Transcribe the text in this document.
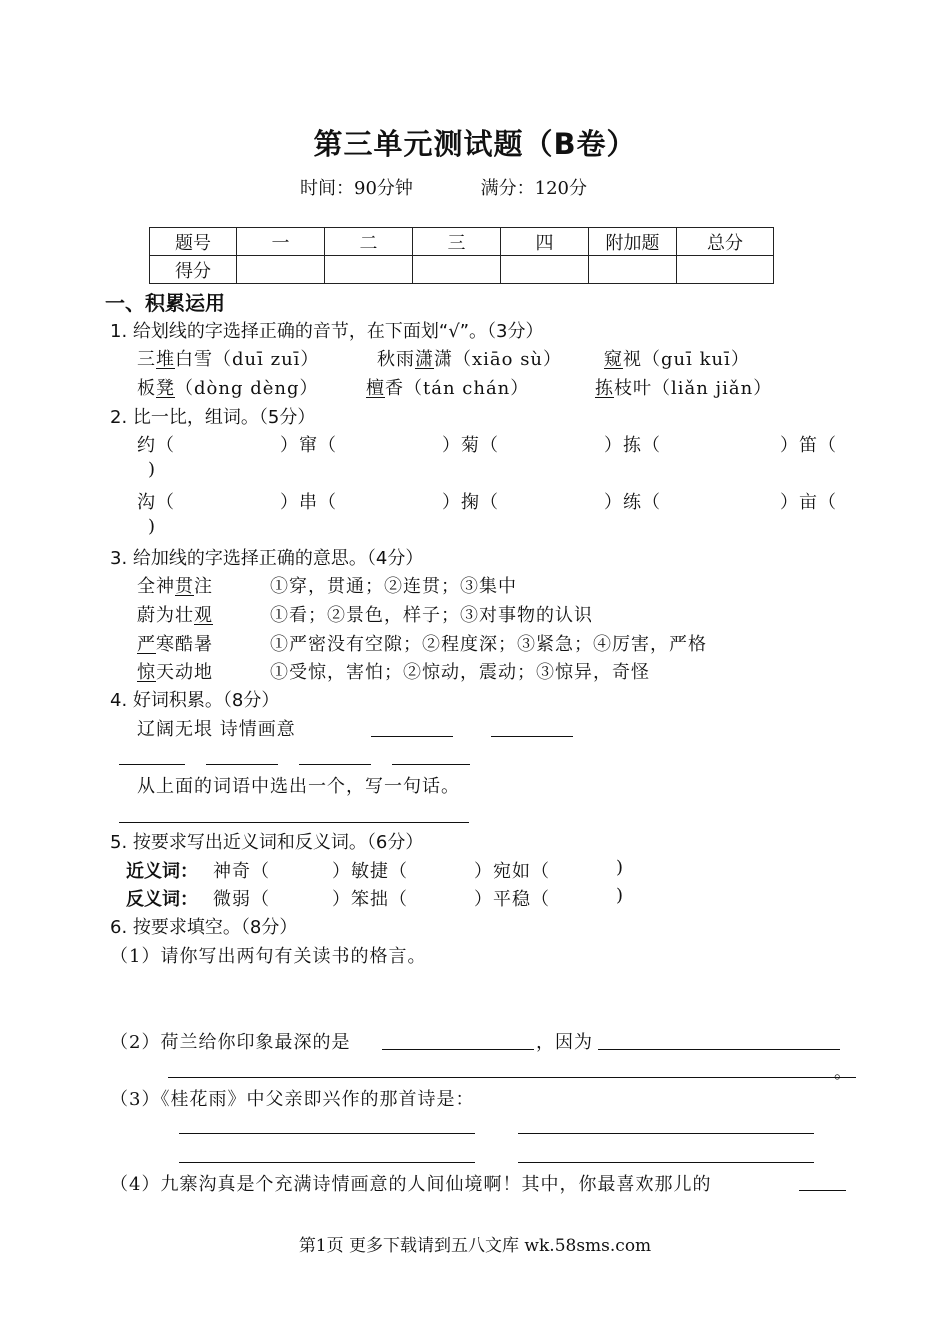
第三单元测试题（B卷）
时间：90分钟	满分：120分
题号	一	二	三	四	附加题	总分
得分						
一、积累运用
1. 给划线的字选择正确的音节，在下面划“√”。（3分）
三堆白雪（duī zuī）	秋雨潇潇（xiāo sù） 窥视（guī kuī）
板凳（dòng dèng）	檀香（tán chán）	拣枝叶（liǎn jiǎn）
2. 比一比，组词。（5分）
约（	）窜（	）菊（	）拣（	）笛（
)
沟（	）串（	）掬（	）练（	）亩（
)
3. 给加线的字选择正确的意思。（4分）
全神贯注	①穿，贯通；②连贯；③集中
蔚为壮观	①看；②景色，样子；③对事物的认识
严寒酷暑	①严密没有空隙；②程度深；③紧急；④厉害，严格
惊天动地	①受惊，害怕；②惊动，震动；③惊异，奇怪
4. 好词积累。（8分）
辽阔无垠 诗情画意
从上面的词语中选出一个，写一句话。
5. 按要求写出近义词和反义词。（6分）
近义词： 神奇（	）敏捷（	）宛如（	)
反义词： 微弱（	）笨拙（	）平稳（	)
6. 按要求填空。（8分）
（1）请你写出两句有关读书的格言。
（2）荷兰给你印象最深的是	，因为
。
（3）《桂花雨》中父亲即兴作的那首诗是：
（4）九寨沟真是个充满诗情画意的人间仙境啊！其中，你最喜欢那儿的
第1页 更多下载请到五八文库 wk.58sms.com
